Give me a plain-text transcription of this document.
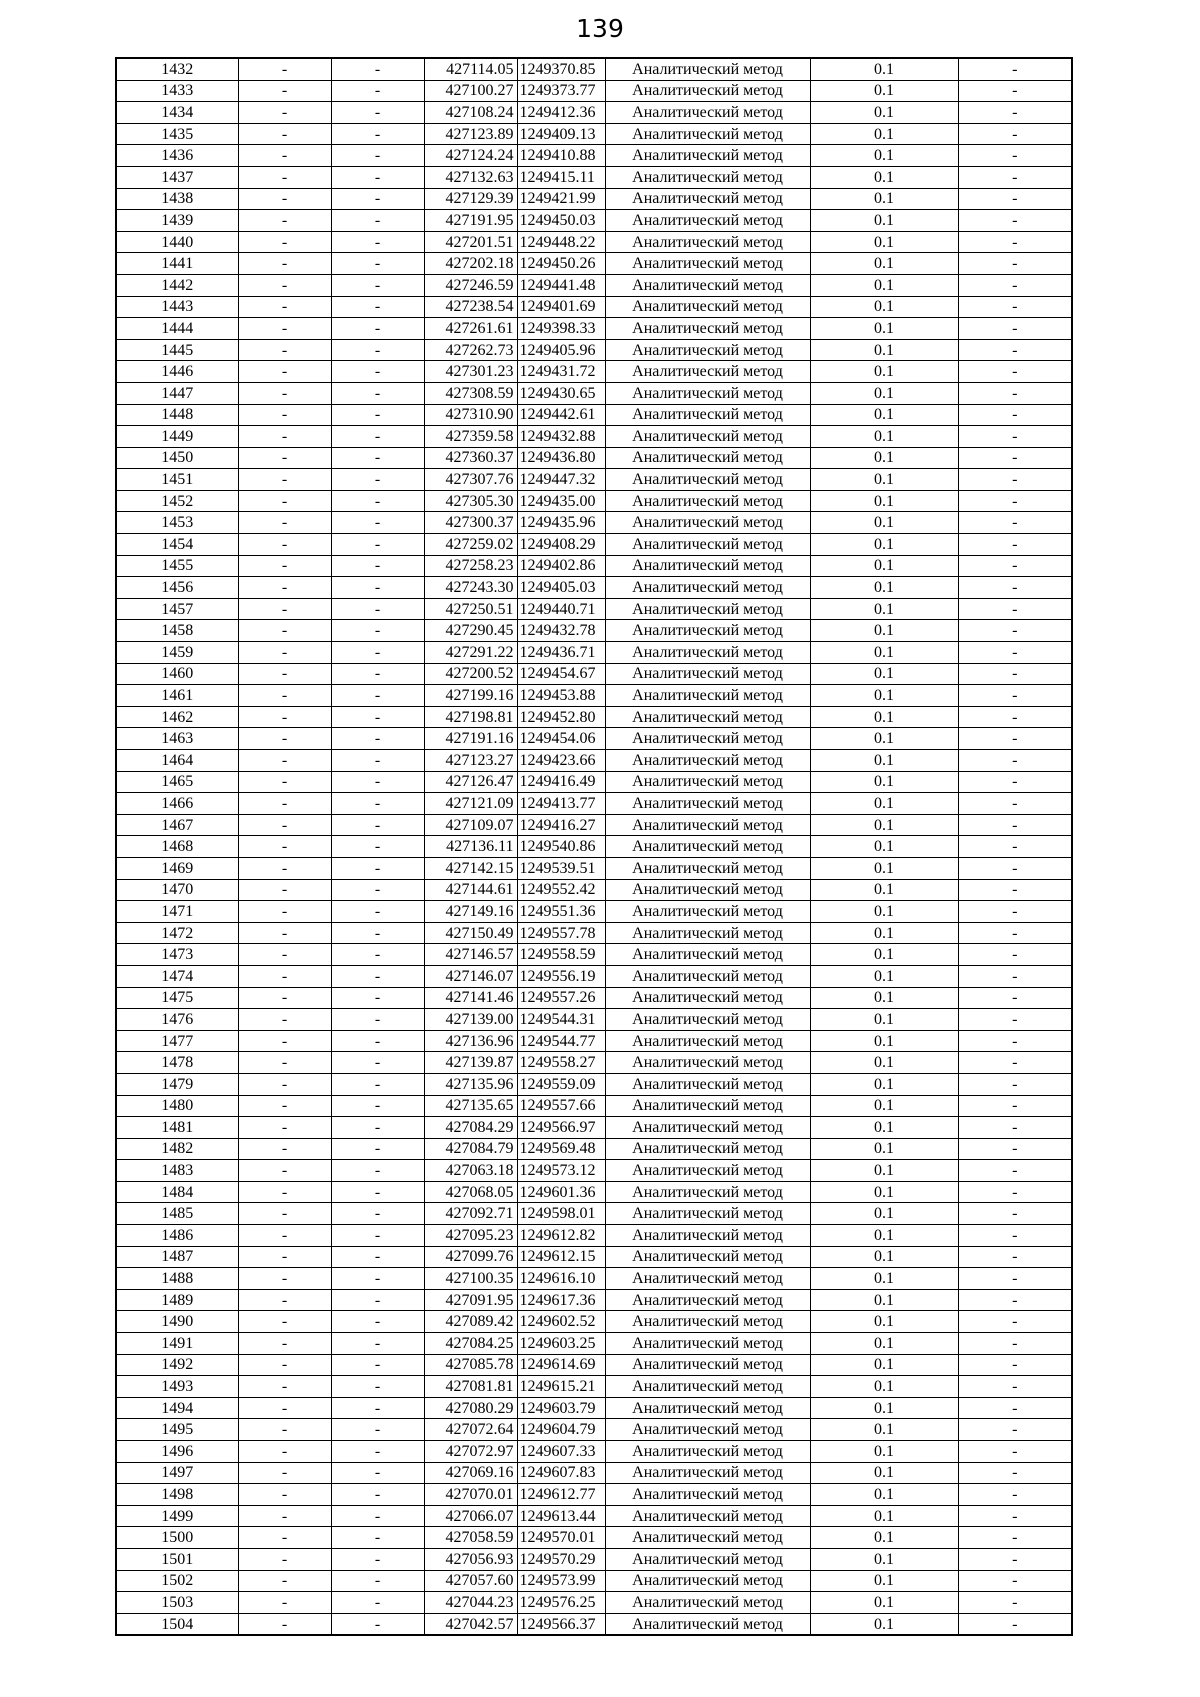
139
1432	-	-	427114.05	1249370.85	Аналитический метод	0.1	-
1433	-	-	427100.27	1249373.77	Аналитический метод	0.1	-
1434	-	-	427108.24	1249412.36	Аналитический метод	0.1	-
1435	-	-	427123.89	1249409.13	Аналитический метод	0.1	-
1436	-	-	427124.24	1249410.88	Аналитический метод	0.1	-
1437	-	-	427132.63	1249415.11	Аналитический метод	0.1	-
1438	-	-	427129.39	1249421.99	Аналитический метод	0.1	-
1439	-	-	427191.95	1249450.03	Аналитический метод	0.1	-
1440	-	-	427201.51	1249448.22	Аналитический метод	0.1	-
1441	-	-	427202.18	1249450.26	Аналитический метод	0.1	-
1442	-	-	427246.59	1249441.48	Аналитический метод	0.1	-
1443	-	-	427238.54	1249401.69	Аналитический метод	0.1	-
1444	-	-	427261.61	1249398.33	Аналитический метод	0.1	-
1445	-	-	427262.73	1249405.96	Аналитический метод	0.1	-
1446	-	-	427301.23	1249431.72	Аналитический метод	0.1	-
1447	-	-	427308.59	1249430.65	Аналитический метод	0.1	-
1448	-	-	427310.90	1249442.61	Аналитический метод	0.1	-
1449	-	-	427359.58	1249432.88	Аналитический метод	0.1	-
1450	-	-	427360.37	1249436.80	Аналитический метод	0.1	-
1451	-	-	427307.76	1249447.32	Аналитический метод	0.1	-
1452	-	-	427305.30	1249435.00	Аналитический метод	0.1	-
1453	-	-	427300.37	1249435.96	Аналитический метод	0.1	-
1454	-	-	427259.02	1249408.29	Аналитический метод	0.1	-
1455	-	-	427258.23	1249402.86	Аналитический метод	0.1	-
1456	-	-	427243.30	1249405.03	Аналитический метод	0.1	-
1457	-	-	427250.51	1249440.71	Аналитический метод	0.1	-
1458	-	-	427290.45	1249432.78	Аналитический метод	0.1	-
1459	-	-	427291.22	1249436.71	Аналитический метод	0.1	-
1460	-	-	427200.52	1249454.67	Аналитический метод	0.1	-
1461	-	-	427199.16	1249453.88	Аналитический метод	0.1	-
1462	-	-	427198.81	1249452.80	Аналитический метод	0.1	-
1463	-	-	427191.16	1249454.06	Аналитический метод	0.1	-
1464	-	-	427123.27	1249423.66	Аналитический метод	0.1	-
1465	-	-	427126.47	1249416.49	Аналитический метод	0.1	-
1466	-	-	427121.09	1249413.77	Аналитический метод	0.1	-
1467	-	-	427109.07	1249416.27	Аналитический метод	0.1	-
1468	-	-	427136.11	1249540.86	Аналитический метод	0.1	-
1469	-	-	427142.15	1249539.51	Аналитический метод	0.1	-
1470	-	-	427144.61	1249552.42	Аналитический метод	0.1	-
1471	-	-	427149.16	1249551.36	Аналитический метод	0.1	-
1472	-	-	427150.49	1249557.78	Аналитический метод	0.1	-
1473	-	-	427146.57	1249558.59	Аналитический метод	0.1	-
1474	-	-	427146.07	1249556.19	Аналитический метод	0.1	-
1475	-	-	427141.46	1249557.26	Аналитический метод	0.1	-
1476	-	-	427139.00	1249544.31	Аналитический метод	0.1	-
1477	-	-	427136.96	1249544.77	Аналитический метод	0.1	-
1478	-	-	427139.87	1249558.27	Аналитический метод	0.1	-
1479	-	-	427135.96	1249559.09	Аналитический метод	0.1	-
1480	-	-	427135.65	1249557.66	Аналитический метод	0.1	-
1481	-	-	427084.29	1249566.97	Аналитический метод	0.1	-
1482	-	-	427084.79	1249569.48	Аналитический метод	0.1	-
1483	-	-	427063.18	1249573.12	Аналитический метод	0.1	-
1484	-	-	427068.05	1249601.36	Аналитический метод	0.1	-
1485	-	-	427092.71	1249598.01	Аналитический метод	0.1	-
1486	-	-	427095.23	1249612.82	Аналитический метод	0.1	-
1487	-	-	427099.76	1249612.15	Аналитический метод	0.1	-
1488	-	-	427100.35	1249616.10	Аналитический метод	0.1	-
1489	-	-	427091.95	1249617.36	Аналитический метод	0.1	-
1490	-	-	427089.42	1249602.52	Аналитический метод	0.1	-
1491	-	-	427084.25	1249603.25	Аналитический метод	0.1	-
1492	-	-	427085.78	1249614.69	Аналитический метод	0.1	-
1493	-	-	427081.81	1249615.21	Аналитический метод	0.1	-
1494	-	-	427080.29	1249603.79	Аналитический метод	0.1	-
1495	-	-	427072.64	1249604.79	Аналитический метод	0.1	-
1496	-	-	427072.97	1249607.33	Аналитический метод	0.1	-
1497	-	-	427069.16	1249607.83	Аналитический метод	0.1	-
1498	-	-	427070.01	1249612.77	Аналитический метод	0.1	-
1499	-	-	427066.07	1249613.44	Аналитический метод	0.1	-
1500	-	-	427058.59	1249570.01	Аналитический метод	0.1	-
1501	-	-	427056.93	1249570.29	Аналитический метод	0.1	-
1502	-	-	427057.60	1249573.99	Аналитический метод	0.1	-
1503	-	-	427044.23	1249576.25	Аналитический метод	0.1	-
1504	-	-	427042.57	1249566.37	Аналитический метод	0.1	-
